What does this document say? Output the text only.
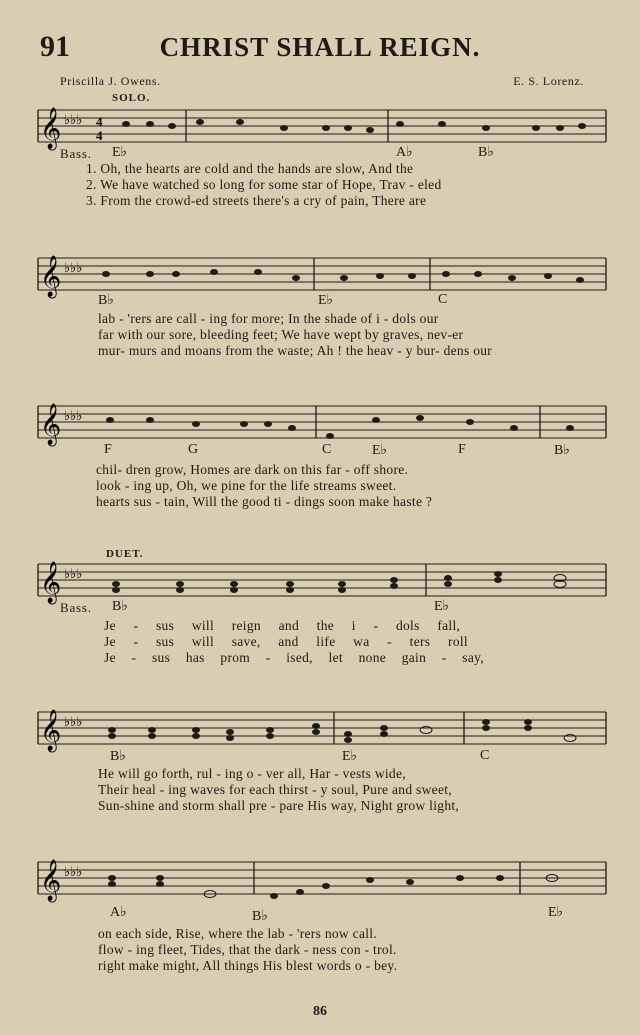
91	CHRIST SHALL REIGN.
Priscilla J. Owens.	E. S. Lorenz.
SOLO.
𝄞 ♭♭♭ 4
4
Bass. E♭	A♭	B♭
1. Oh, the hearts are cold and the hands are slow, And the
2. We have watched so long for some star of Hope, Trav - eled
3. From the crowd-ed streets there's a cry of pain, There are
𝄞 ♭♭♭
B♭	E♭	C
lab - 'rers are call - ing for more; In the shade of i - dols our
far with our sore, bleeding feet; We have wept by graves, nev-er
mur- murs and moans from the waste; Ah ! the heav - y bur- dens our
𝄞 ♭♭♭
F	G	C	E♭	F	B♭
chil- dren grow, Homes are dark on this far - off shore.
look - ing up, Oh, we pine for the life streams sweet.
hearts sus - tain, Will the good ti - dings soon make haste ?
DUET.
𝄞 ♭♭♭
Bass. B♭	E♭
Je - sus will reign and the i - dols fall,
Je - sus will save, and life wa - ters roll
Je - sus has prom - ised, let none gain - say,
𝄞 ♭♭♭
B♭	E♭	C
He will go forth, rul - ing o - ver all, Har - vests wide,
Their heal - ing waves for each thirst - y soul, Pure and sweet,
Sun-shine and storm shall pre - pare His way, Night grow light,
𝄞 ♭♭♭
A♭	B♭	E♭
on each side, Rise, where the lab - 'rers now call.
flow - ing fleet, Tides, that the dark - ness con - trol.
right make might, All things His blest words o - bey.
86
